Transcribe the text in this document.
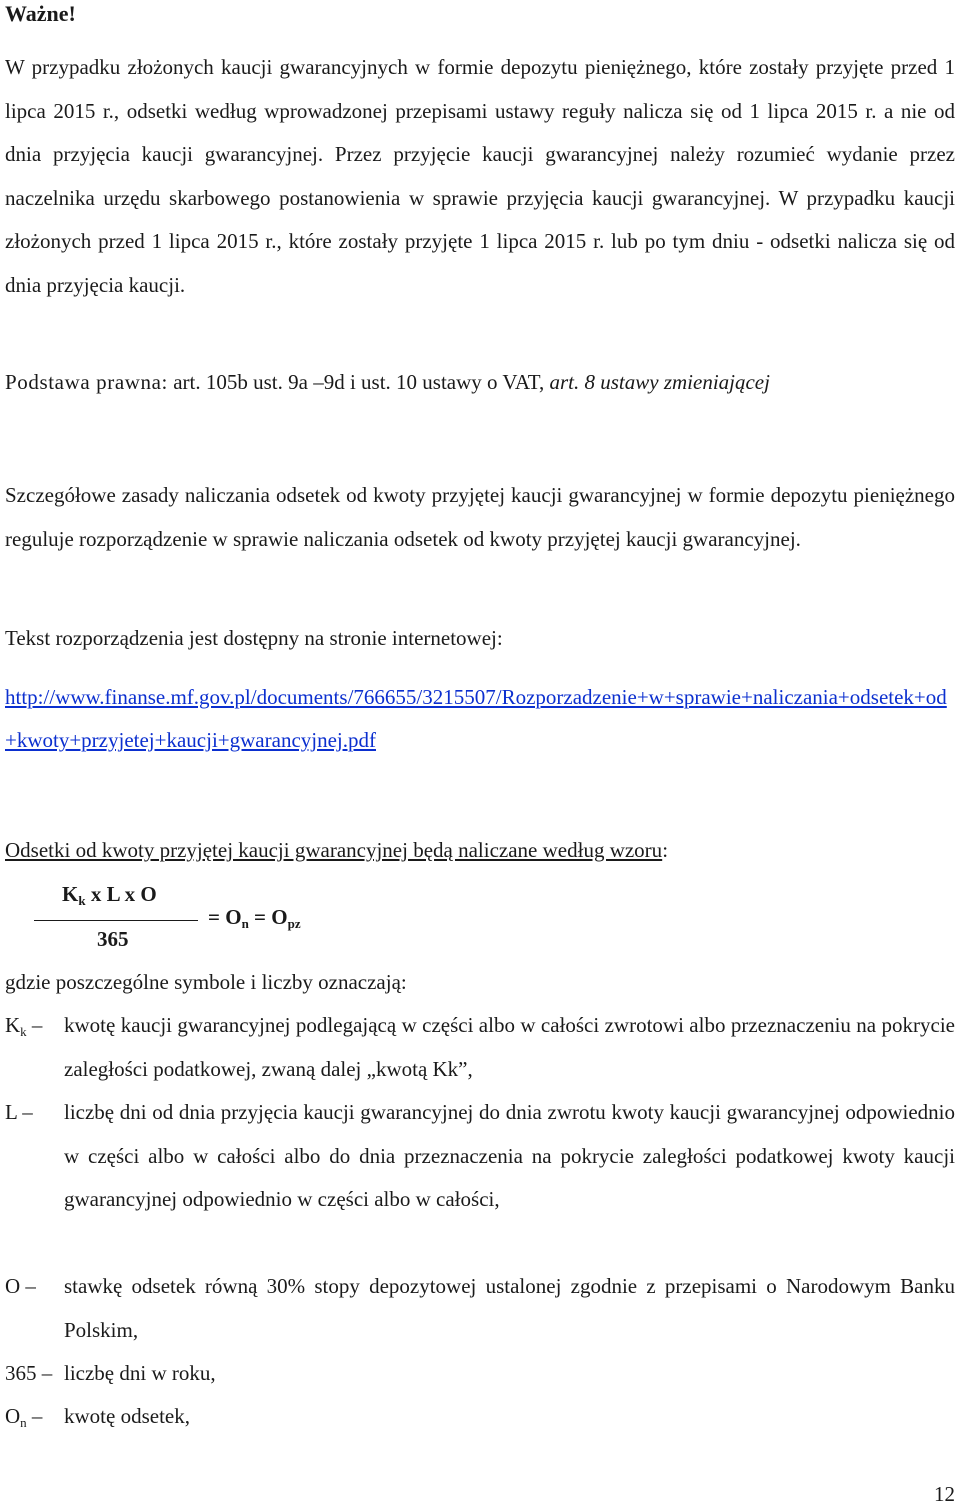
Ważne!
W przypadku złożonych kaucji gwarancyjnych w formie depozytu pieniężnego, które zostały przyjęte przed 1 lipca 2015 r., odsetki według wprowadzonej przepisami ustawy reguły nalicza się od 1 lipca 2015 r. a nie od dnia przyjęcia kaucji gwarancyjnej. Przez przyjęcie kaucji gwarancyjnej należy rozumieć wydanie przez naczelnika urzędu skarbowego postanowienia w sprawie przyjęcia kaucji gwarancyjnej. W przypadku kaucji złożonych przed 1 lipca 2015 r., które zostały przyjęte 1 lipca 2015 r. lub po tym dniu - odsetki nalicza się od dnia przyjęcia kaucji.
Podstawa prawna: art. 105b ust. 9a –9d i ust. 10 ustawy o VAT, art. 8 ustawy zmieniającej
Szczegółowe zasady naliczania odsetek od kwoty przyjętej kaucji gwarancyjnej w formie depozytu pieniężnego reguluje rozporządzenie w sprawie naliczania odsetek od kwoty przyjętej kaucji gwarancyjnej.
Tekst rozporządzenia jest dostępny na stronie internetowej:
http://www.finanse.mf.gov.pl/documents/766655/3215507/Rozporzadzenie+w+sprawie+naliczania+odsetek+od+kwoty+przyjetej+kaucji+gwarancyjnej.pdf
Odsetki od kwoty przyjętej kaucji gwarancyjnej będą naliczane według wzoru:
$K_k$ x L x O
365
= $O_n = O_{pz}$
gdzie poszczególne symbole i liczby oznaczają:
$K_k$ – kwotę kaucji gwarancyjnej podlegającą w części albo w całości zwrotowi albo przeznaczeniu na pokrycie zaległości podatkowej, zwaną dalej „kwotą Kk”,
L – liczbę dni od dnia przyjęcia kaucji gwarancyjnej do dnia zwrotu kwoty kaucji gwarancyjnej odpowiednio w części albo w całości albo do dnia przeznaczenia na pokrycie zaległości podatkowej kwoty kaucji gwarancyjnej odpowiednio w części albo w całości,
O – stawkę odsetek równą 30% stopy depozytowej ustalonej zgodnie z przepisami o Narodowym Banku Polskim,
365 – liczbę dni w roku,
$O_n$ – kwotę odsetek,
12
